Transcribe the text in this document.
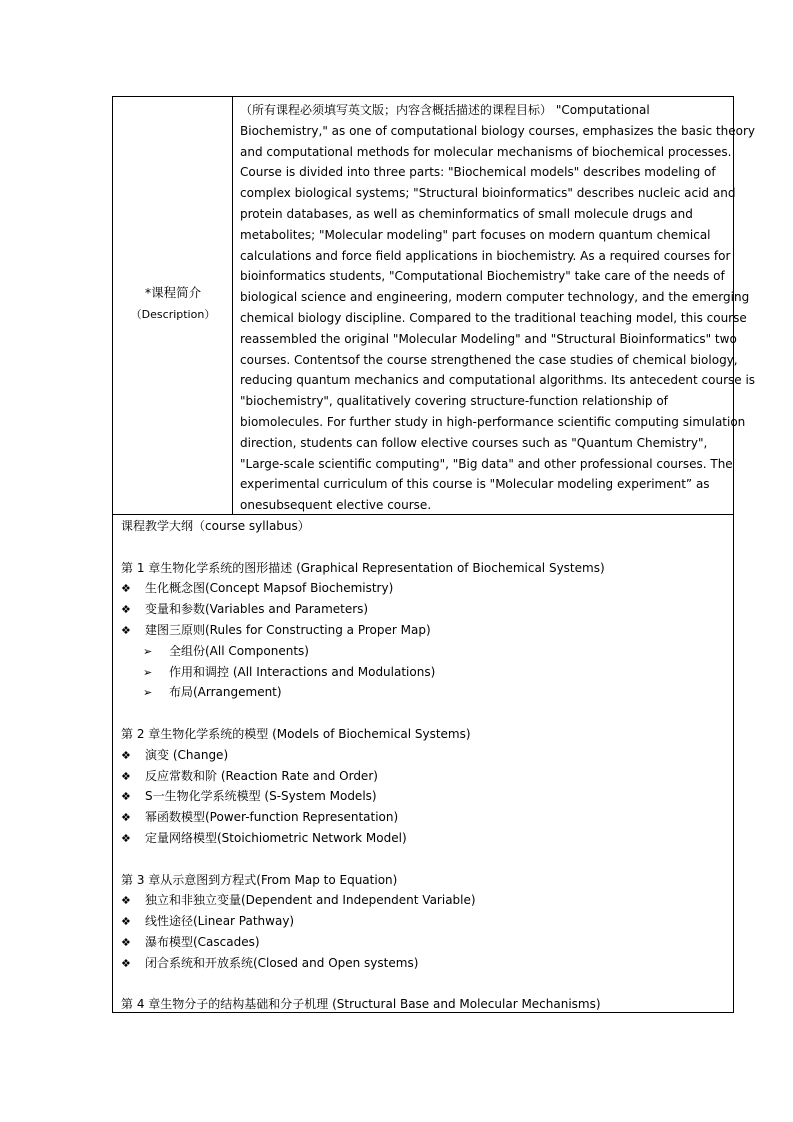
*课程简介
（Description）
（所有课程必须填写英文版；内容含概括描述的课程目标） "Computational
Biochemistry," as one of computational biology courses, emphasizes the basic theory
and computational methods for molecular mechanisms of biochemical processes.
Course is divided into three parts: "Biochemical models" describes modeling of
complex biological systems; "Structural bioinformatics" describes nucleic acid and
protein databases, as well as cheminformatics of small molecule drugs and
metabolites; "Molecular modeling" part focuses on modern quantum chemical
calculations and force field applications in biochemistry. As a required courses for
bioinformatics students, "Computational Biochemistry" take care of the needs of
biological science and engineering, modern computer technology, and the emerging
chemical biology discipline. Compared to the traditional teaching model, this course
reassembled the original "Molecular Modeling" and "Structural Bioinformatics" two
courses. Contentsof the course strengthened the case studies of chemical biology,
reducing quantum mechanics and computational algorithms. Its antecedent course is
"biochemistry", qualitatively covering structure-function relationship of
biomolecules. For further study in high-performance scientific computing simulation
direction, students can follow elective courses such as "Quantum Chemistry",
"Large-scale scientific computing", "Big data" and other professional courses. The
experimental curriculum of this course is "Molecular modeling experiment” as
onesubsequent elective course.
课程教学大纲（course syllabus）
第 1 章生物化学系统的图形描述 (Graphical Representation of Biochemical Systems)
❖ 生化概念图(Concept Mapsof Biochemistry)
❖ 变量和参数(Variables and Parameters)
❖ 建图三原则(Rules for Constructing a Proper Map)
➢ 全组份(All Components)
➢ 作用和调控 (All Interactions and Modulations)
➢ 布局(Arrangement)
第 2 章生物化学系统的模型 (Models of Biochemical Systems)
❖ 演变 (Change)
❖ 反应常数和阶 (Reaction Rate and Order)
❖ S一生物化学系统模型 (S-System Models)
❖ 幂函数模型(Power-function Representation)
❖ 定量网络模型(Stoichiometric Network Model)
第 3 章从示意图到方程式(From Map to Equation)
❖ 独立和非独立变量(Dependent and Independent Variable)
❖ 线性途径(Linear Pathway)
❖ 瀑布模型(Cascades)
❖ 闭合系统和开放系统(Closed and Open systems)
第 4 章生物分子的结构基础和分子机理 (Structural Base and Molecular Mechanisms)
